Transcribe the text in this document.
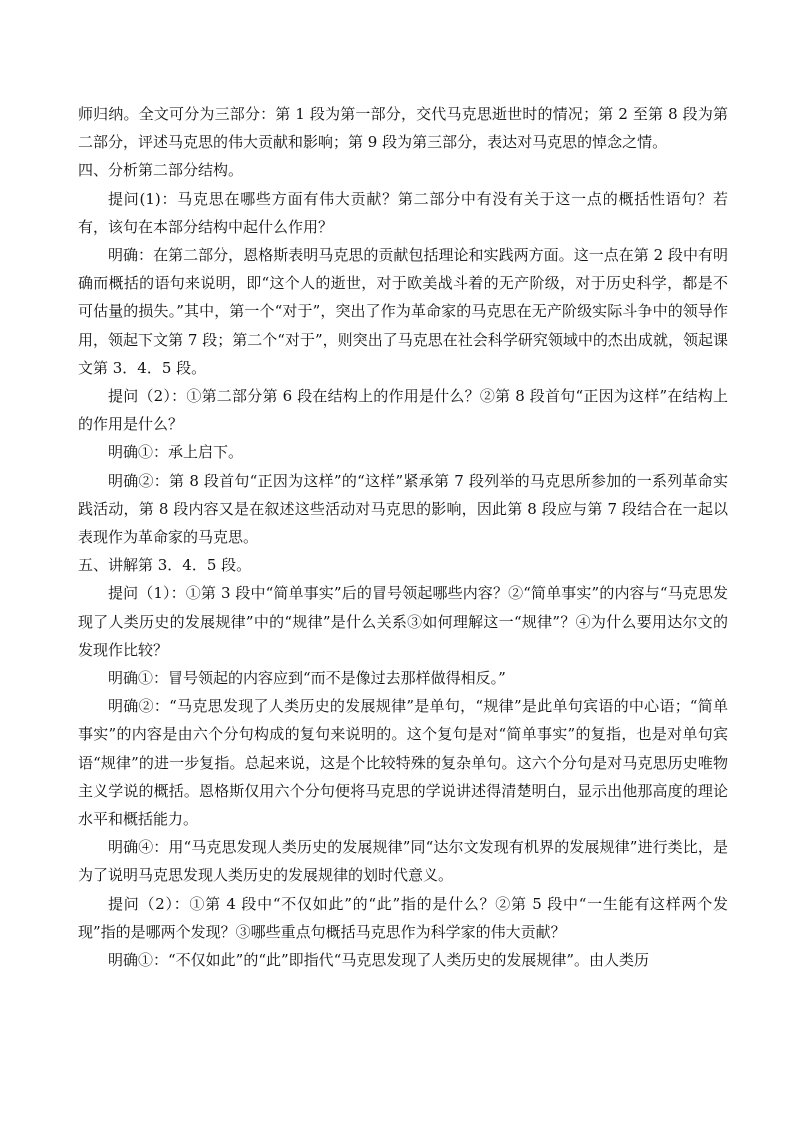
师归纳。全文可分为三部分：第 1 段为第一部分，交代马克思逝世时的情况；第 2 至第 8 段为第二部分，评述马克思的伟大贡献和影响；第 9 段为第三部分，表达对马克思的悼念之情。

四、分析第二部分结构。

提问(1)：马克思在哪些方面有伟大贡献？第二部分中有没有关于这一点的概括性语句？若有，该句在本部分结构中起什么作用？

明确：在第二部分，恩格斯表明马克思的贡献包括理论和实践两方面。这一点在第 2 段中有明确而概括的语句来说明，即“这个人的逝世，对于欧美战斗着的无产阶级，对于历史科学，都是不可估量的损失。”其中，第一个“对于”，突出了作为革命家的马克思在无产阶级实际斗争中的领导作用，领起下文第 7 段；第二个“对于”，则突出了马克思在社会科学研究领域中的杰出成就，领起课文第 3．4．5 段。

提问（2）：①第二部分第 6 段在结构上的作用是什么？②第 8 段首句“正因为这样”在结构上的作用是什么？

明确①：承上启下。

明确②：第 8 段首句“正因为这样”的“这样”紧承第 7 段列举的马克思所参加的一系列革命实践活动，第 8 段内容又是在叙述这些活动对马克思的影响，因此第 8 段应与第 7 段结合在一起以表现作为革命家的马克思。

五、讲解第 3．4．5 段。

提问（1）：①第 3 段中“简单事实”后的冒号领起哪些内容？②“简单事实”的内容与“马克思发现了人类历史的发展规律”中的“规律”是什么关系③如何理解这一“规律”？④为什么要用达尔文的发现作比较？

明确①：冒号领起的内容应到“而不是像过去那样做得相反。”

明确②：“马克思发现了人类历史的发展规律”是单句，“规律”是此单句宾语的中心语；“简单事实”的内容是由六个分句构成的复句来说明的。这个复句是对“简单事实”的复指，也是对单句宾语“规律”的进一步复指。总起来说，这是个比较特殊的复杂单句。这六个分句是对马克思历史唯物主义学说的概括。恩格斯仅用六个分句便将马克思的学说讲述得清楚明白，显示出他那高度的理论水平和概括能力。

明确④：用“马克思发现人类历史的发展规律”同“达尔文发现有机界的发展规律”进行类比，是为了说明马克思发现人类历史的发展规律的划时代意义。

提问（2）：①第 4 段中“不仅如此”的“此”指的是什么？②第 5 段中“一生能有这样两个发现”指的是哪两个发现？③哪些重点句概括马克思作为科学家的伟大贡献？

明确①：“不仅如此”的“此”即指代“马克思发现了人类历史的发展规律”。由人类历
